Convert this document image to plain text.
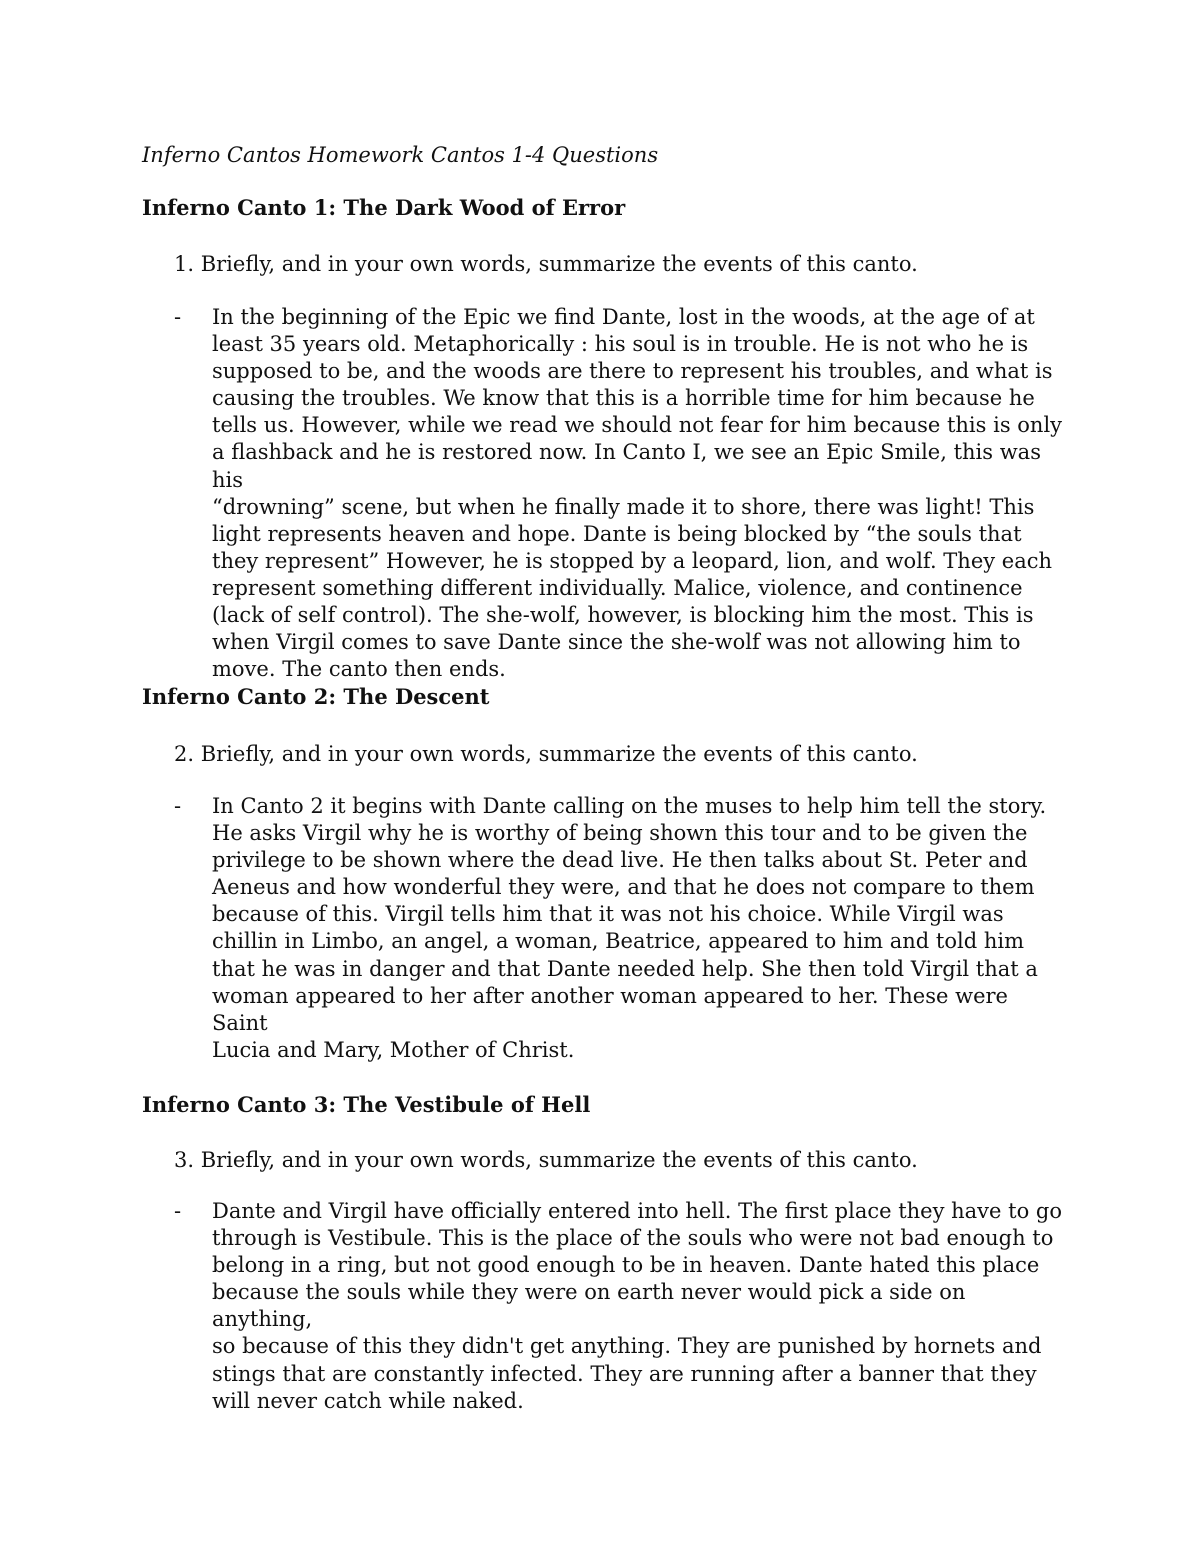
Inferno Cantos Homework Cantos 1-4 Questions
Inferno Canto 1: The Dark Wood of Error
1. Briefly, and in your own words, summarize the events of this canto.
- In the beginning of the Epic we find Dante, lost in the woods, at the age of at
least 35 years old. Metaphorically : his soul is in trouble. He is not who he is
supposed to be, and the woods are there to represent his troubles, and what is
causing the troubles. We know that this is a horrible time for him because he
tells us. However, while we read we should not fear for him because this is only
a flashback and he is restored now. In Canto I, we see an Epic Smile, this was his
“drowning” scene, but when he finally made it to shore, there was light! This
light represents heaven and hope. Dante is being blocked by “the souls that
they represent” However, he is stopped by a leopard, lion, and wolf. They each
represent something different individually. Malice, violence, and continence
(lack of self control). The she-wolf, however, is blocking him the most. This is
when Virgil comes to save Dante since the she-wolf was not allowing him to
move. The canto then ends.
Inferno Canto 2: The Descent
2. Briefly, and in your own words, summarize the events of this canto.
- In Canto 2 it begins with Dante calling on the muses to help him tell the story.
He asks Virgil why he is worthy of being shown this tour and to be given the
privilege to be shown where the dead live. He then talks about St. Peter and
Aeneus and how wonderful they were, and that he does not compare to them
because of this. Virgil tells him that it was not his choice. While Virgil was
chillin in Limbo, an angel, a woman, Beatrice, appeared to him and told him
that he was in danger and that Dante needed help. She then told Virgil that a
woman appeared to her after another woman appeared to her. These were Saint
Lucia and Mary, Mother of Christ.
Inferno Canto 3: The Vestibule of Hell
3. Briefly, and in your own words, summarize the events of this canto.
- Dante and Virgil have officially entered into hell. The first place they have to go
through is Vestibule. This is the place of the souls who were not bad enough to
belong in a ring, but not good enough to be in heaven. Dante hated this place
because the souls while they were on earth never would pick a side on anything,
so because of this they didn't get anything. They are punished by hornets and
stings that are constantly infected. They are running after a banner that they
will never catch while naked.
